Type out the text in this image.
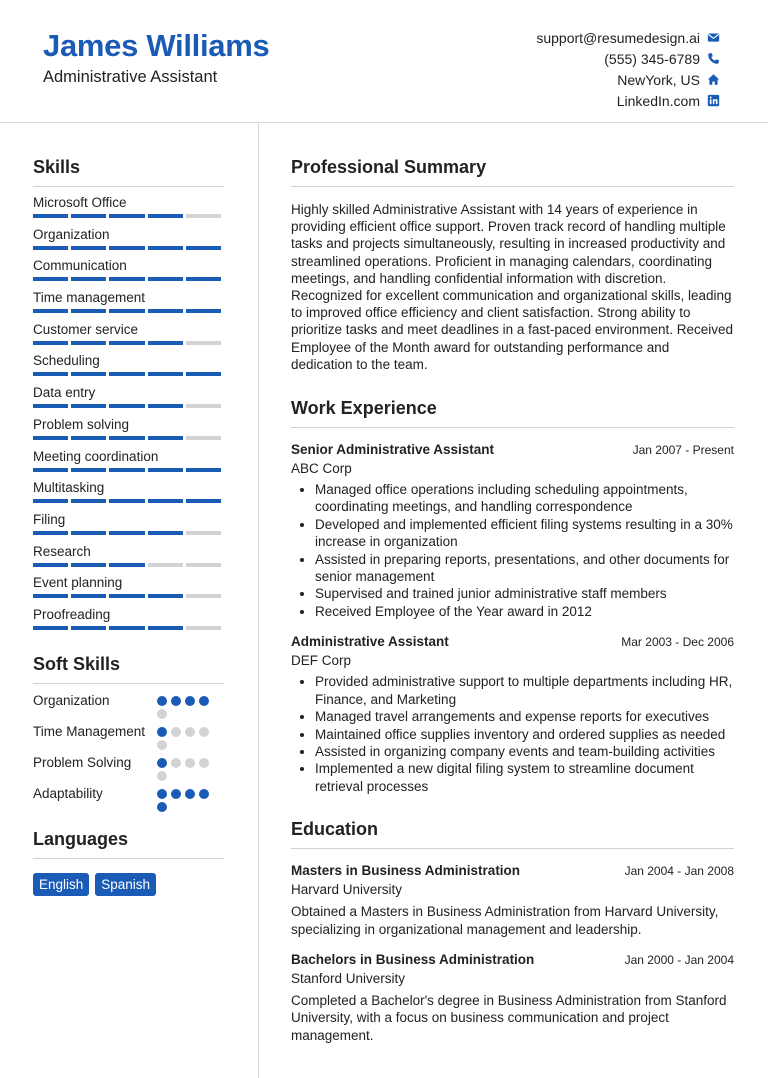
James Williams
Administrative Assistant
support@resumedesign.ai
(555) 345-6789
NewYork, US
LinkedIn.com
Skills
Microsoft Office
Organization
Communication
Time management
Customer service
Scheduling
Data entry
Problem solving
Meeting coordination
Multitasking
Filing
Research
Event planning
Proofreading
Soft Skills
Organization
Time Management
Problem Solving
Adaptability
Languages
English	Spanish
Professional Summary

Highly skilled Administrative Assistant with 14 years of experience in providing efficient office support. Proven track record of handling multiple tasks and projects simultaneously, resulting in increased productivity and streamlined operations. Proficient in managing calendars, coordinating meetings, and handling confidential information with discretion. Recognized for excellent communication and organizational skills, leading to improved office efficiency and client satisfaction. Strong ability to prioritize tasks and meet deadlines in a fast-paced environment. Received Employee of the Month award for outstanding performance and dedication to the team.

Work Experience
Senior Administrative Assistant	Jan 2007 - Present
ABC Corp
• Managed office operations including scheduling appointments, coordinating meetings, and handling correspondence
• Developed and implemented efficient filing systems resulting in a 30% increase in organization
• Assisted in preparing reports, presentations, and other documents for senior management
• Supervised and trained junior administrative staff members
• Received Employee of the Year award in 2012
Administrative Assistant	Mar 2003 - Dec 2006
DEF Corp
• Provided administrative support to multiple departments including HR, Finance, and Marketing
• Managed travel arrangements and expense reports for executives
• Maintained office supplies inventory and ordered supplies as needed
• Assisted in organizing company events and team-building activities
• Implemented a new digital filing system to streamline document retrieval processes
Education
Masters in Business Administration	Jan 2004 - Jan 2008
Harvard University

Obtained a Masters in Business Administration from Harvard University, specializing in organizational management and leadership.

Bachelors in Business Administration	Jan 2000 - Jan 2004
Stanford University

Completed a Bachelor's degree in Business Administration from Stanford University, with a focus on business communication and project management.
